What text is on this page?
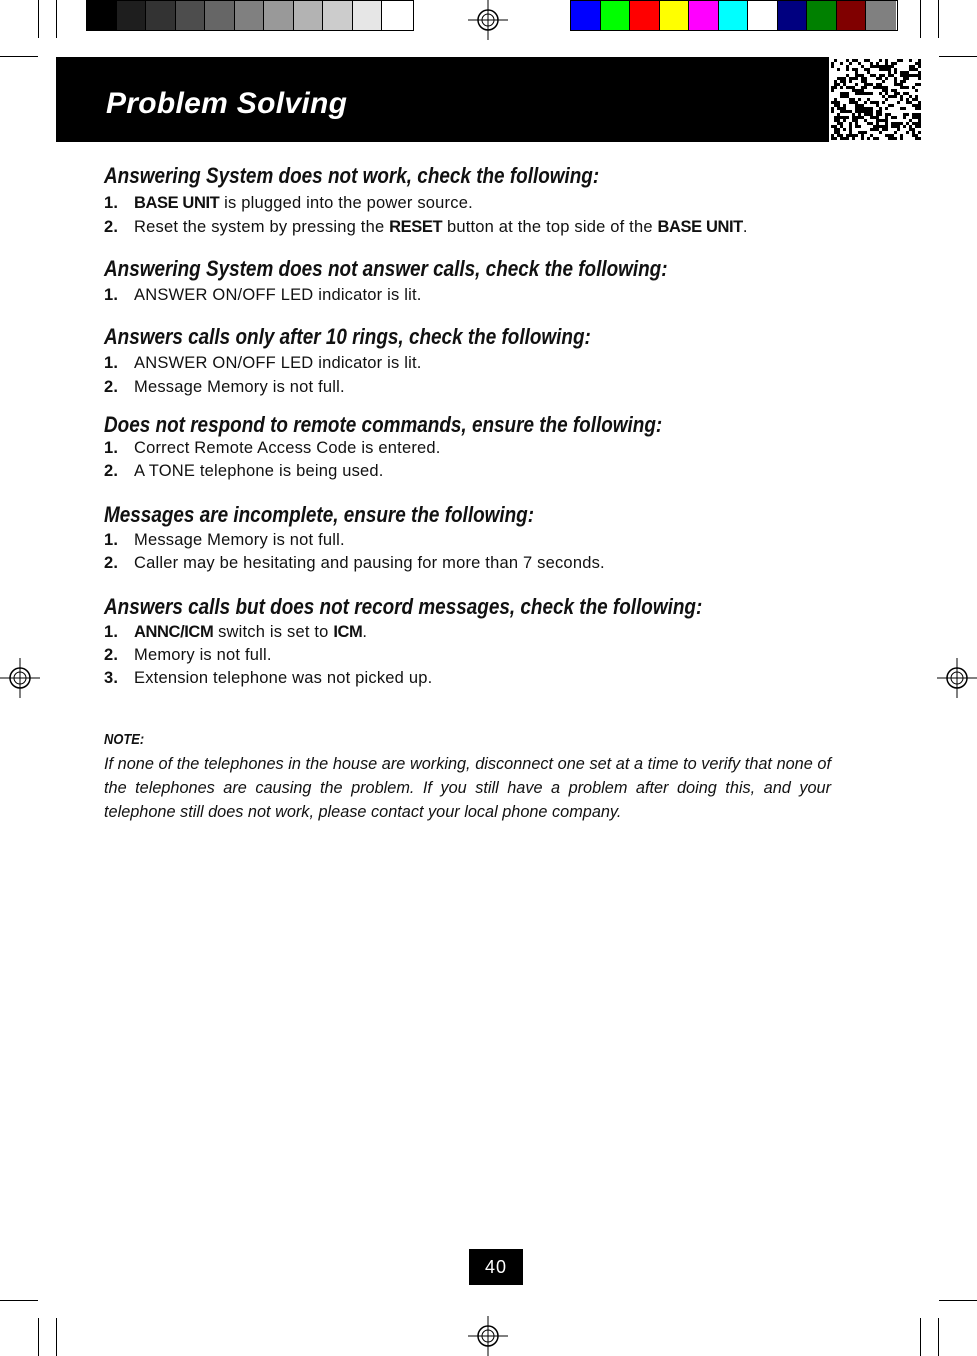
Problem Solving
Answering System does not work, check the following:
1. BASE UNIT is plugged into the power source.
2. Reset the system by pressing the RESET button at the top side of the BASE UNIT.
Answering System does not answer calls, check the following:
1. ANSWER ON/OFF LED indicator is lit.
Answers calls only after 10 rings, check the following:
1. ANSWER ON/OFF LED indicator is lit.
2. Message Memory is not full.
Does not respond to remote commands, ensure the following:
1. Correct Remote Access Code is entered.
2. A TONE telephone is being used.
Messages are incomplete, ensure the following:
1. Message Memory is not full.
2. Caller may be hesitating and pausing for more than 7 seconds.
Answers calls but does not record messages, check the following:
1. ANNC/ICM switch is set to ICM.
2. Memory is not full.
3. Extension telephone was not picked up.
NOTE:
If none of the telephones in the house are working, disconnect one set at a time to verify that none of the telephones are causing the problem. If you still have a problem after doing this, and your telephone still does not work, please contact your local phone company.
40
